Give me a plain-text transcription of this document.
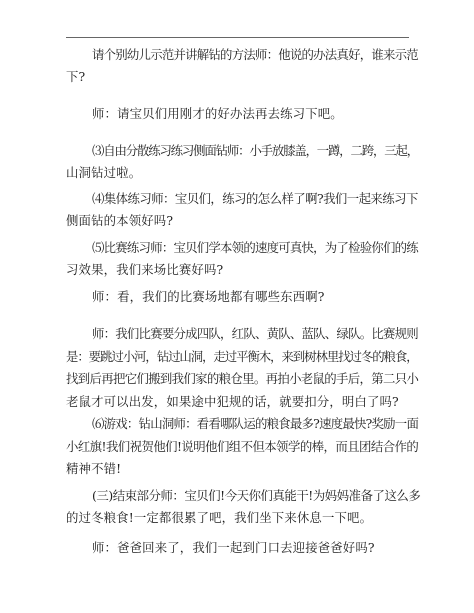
请个别幼儿示范并讲解钻的方法师：他说的办法真好，谁来示范
下?

师：请宝贝们用刚才的好办法再去练习下吧。

⑶自由分散练习练习侧面钻师：小手放膝盖，一蹲，二跨，三起，
山洞钻过啦。

⑷集体练习师：宝贝们，练习的怎么样了啊?我们一起来练习下
侧面钻的本领好吗?

⑸比赛练习师：宝贝们学本领的速度可真快，为了检验你们的练
习效果，我们来场比赛好吗?

师：看，我们的比赛场地都有哪些东西啊?

师：我们比赛要分成四队，红队、黄队、蓝队、绿队。比赛规则
是：要跳过小河，钻过山洞，走过平衡木，来到树林里找过冬的粮食，
找到后再把它们搬到我们家的粮仓里。再拍小老鼠的手后，第二只小
老鼠才可以出发，如果途中犯规的话，就要扣分，明白了吗?

⑹游戏：钻山洞师：看看哪队运的粮食最多?速度最快?奖励一面
小红旗!我们祝贺他们!说明他们组不但本领学的棒，而且团结合作的
精神不错!

(三)结束部分师：宝贝们!今天你们真能干!为妈妈准备了这么多
的过冬粮食!一定都很累了吧，我们坐下来休息一下吧。

师：爸爸回来了，我们一起到门口去迎接爸爸好吗?
